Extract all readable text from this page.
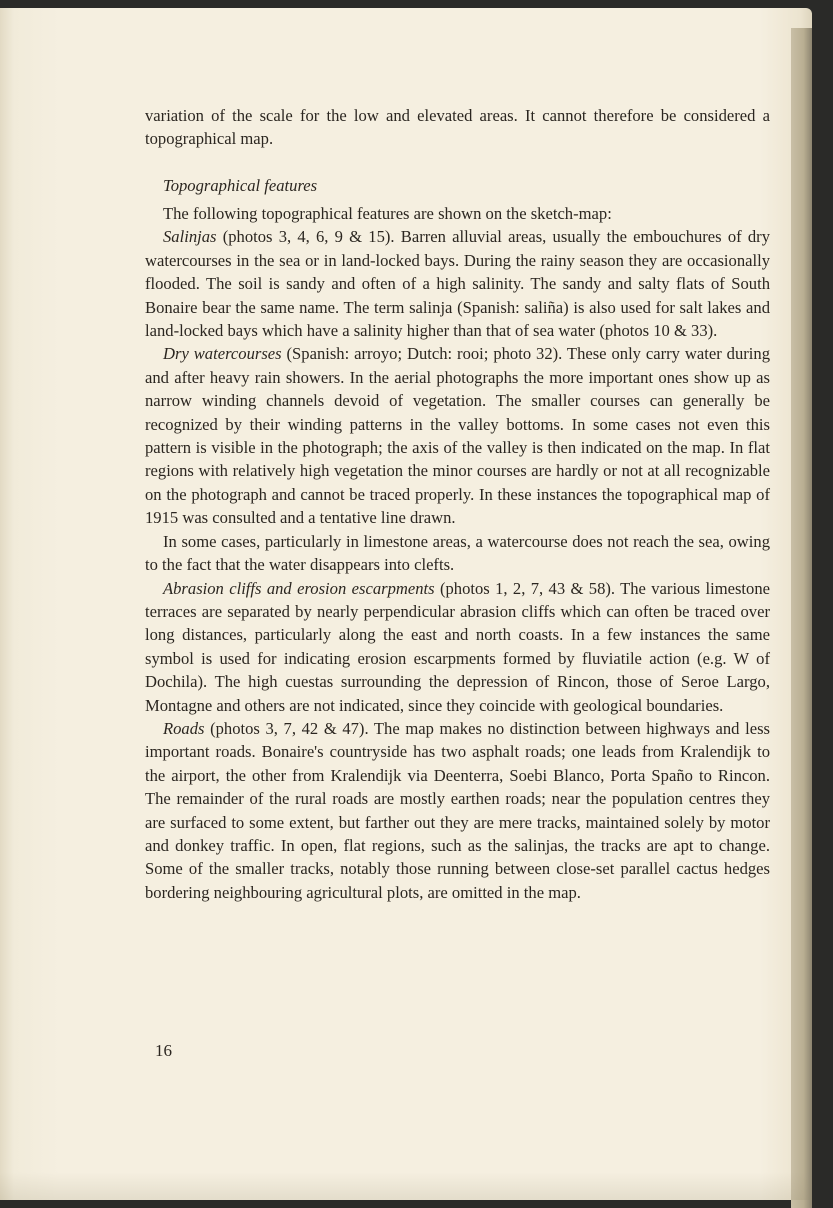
variation of the scale for the low and elevated areas. It cannot therefore be considered a topographical map.

Topographical features

The following topographical features are shown on the sketch-map:

Salinjas (photos 3, 4, 6, 9 & 15). Barren alluvial areas, usually the embouchures of dry watercourses in the sea or in land-locked bays. During the rainy season they are occasionally flooded. The soil is sandy and often of a high salinity. The sandy and salty flats of South Bonaire bear the same name. The term salinja (Spanish: saliña) is also used for salt lakes and land-locked bays which have a salinity higher than that of sea water (photos 10 & 33).

Dry watercourses (Spanish: arroyo; Dutch: rooi; photo 32). These only carry water during and after heavy rain showers. In the aerial photographs the more important ones show up as narrow winding channels devoid of vegetation. The smaller courses can generally be recognized by their winding patterns in the valley bottoms. In some cases not even this pattern is visible in the photograph; the axis of the valley is then indicated on the map. In flat regions with relatively high vegetation the minor courses are hardly or not at all recognizable on the photograph and cannot be traced properly. In these instances the topographical map of 1915 was consulted and a tentative line drawn.

In some cases, particularly in limestone areas, a watercourse does not reach the sea, owing to the fact that the water disappears into clefts.

Abrasion cliffs and erosion escarpments (photos 1, 2, 7, 43 & 58). The various limestone terraces are separated by nearly perpendicular abrasion cliffs which can often be traced over long distances, particularly along the east and north coasts. In a few instances the same symbol is used for indicating erosion escarpments formed by fluviatile action (e.g. W of Dochila). The high cuestas surrounding the depression of Rincon, those of Seroe Largo, Montagne and others are not indicated, since they coincide with geological boundaries.

Roads (photos 3, 7, 42 & 47). The map makes no distinction between highways and less important roads. Bonaire's countryside has two asphalt roads; one leads from Kralendijk to the airport, the other from Kralendijk via Deenterra, Soebi Blanco, Porta Spaño to Rincon. The remainder of the rural roads are mostly earthen roads; near the population centres they are surfaced to some extent, but farther out they are mere tracks, maintained solely by motor and donkey traffic. In open, flat regions, such as the salinjas, the tracks are apt to change. Some of the smaller tracks, notably those running between close-set parallel cactus hedges bordering neighbouring agricultural plots, are omitted in the map.

16
